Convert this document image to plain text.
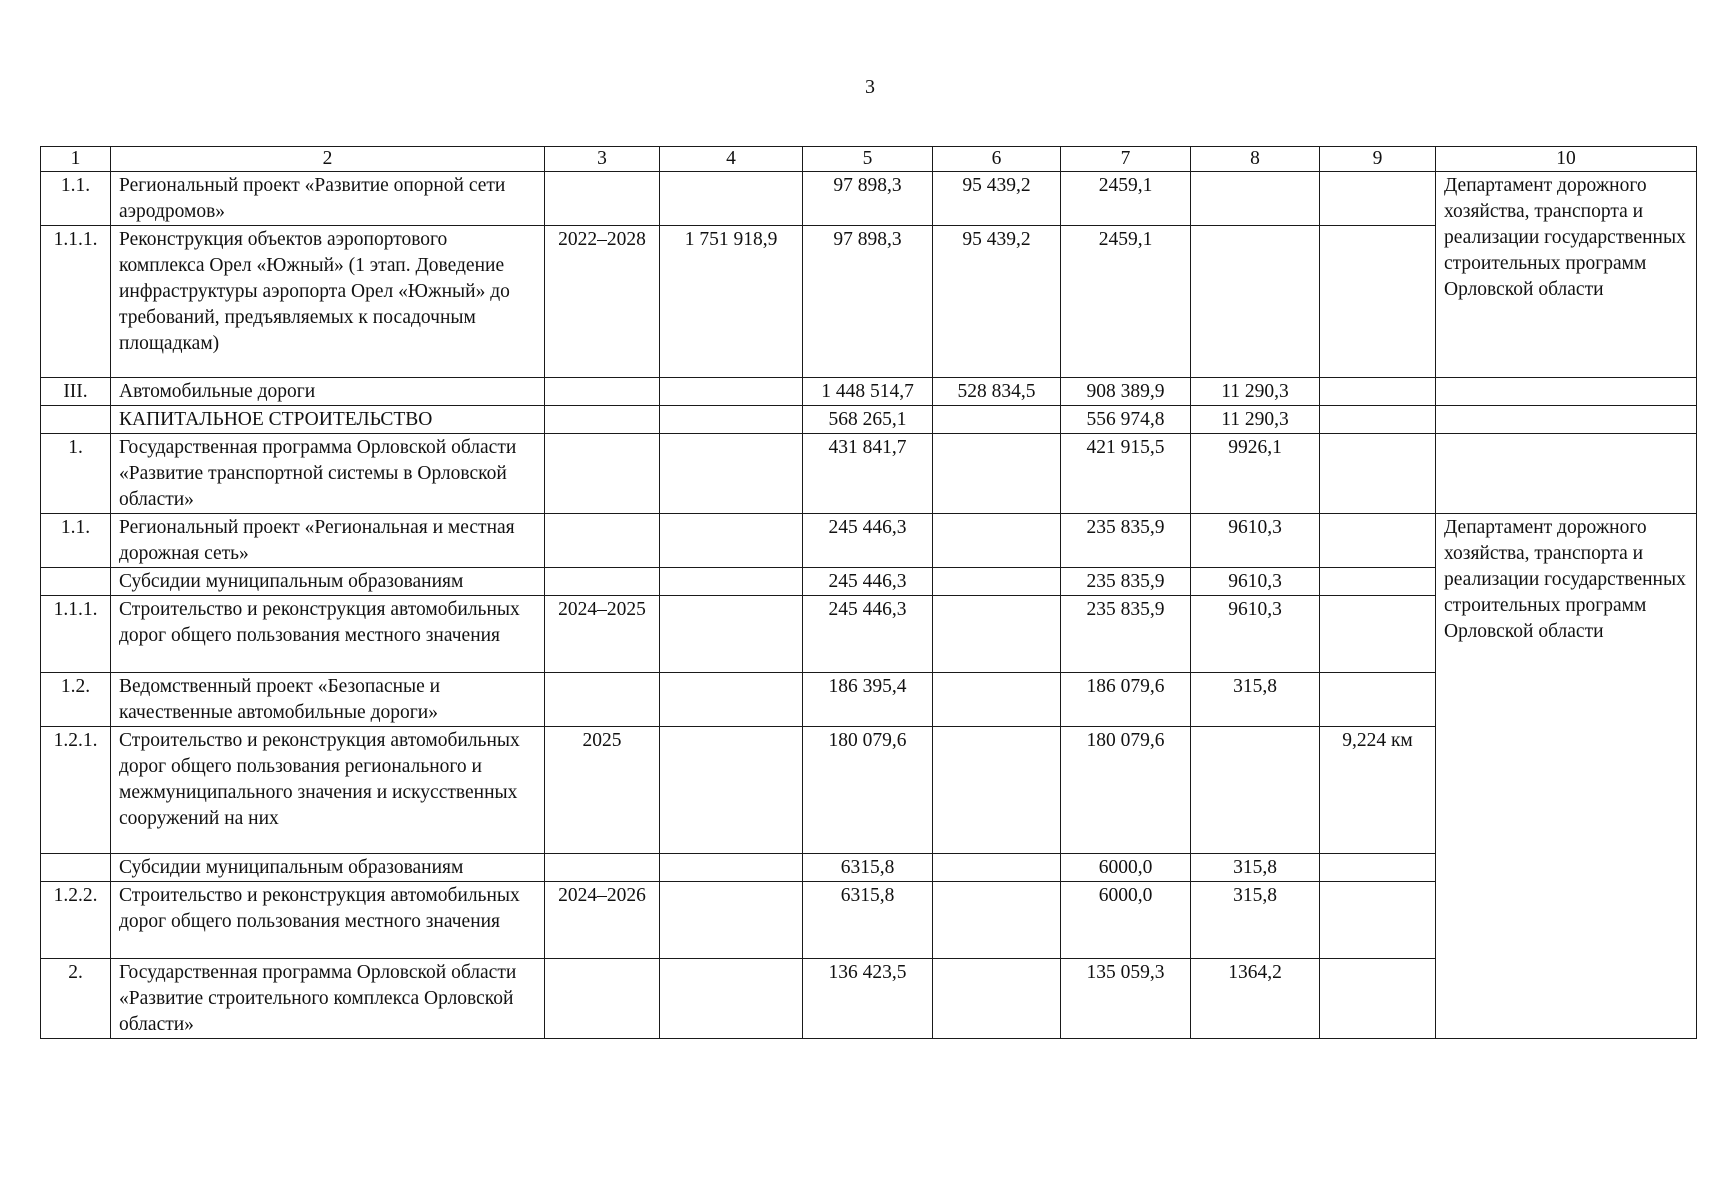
3
1	2	3	4	5	6	7	8	9	10	
1.1.	Региональный проект «Развитие опорной сети аэродромов»			97 898,3	95 439,2	2459,1			Департамент дорожного хозяйства, транспорта и реализации государственных строительных программ Орловской области	
1.1.1.	Реконструкция объектов аэропортового комплекса Орел «Южный» (1 этап. Доведение инфраструктуры аэропорта Орел «Южный» до требований, предъявляемых к посадочным площадкам)	2022–2028	1 751 918,9	97 898,3	95 439,2	2459,1				
III.	Автомобильные дороги			1 448 514,7	528 834,5	908 389,9	11 290,3			
	КАПИТАЛЬНОЕ СТРОИТЕЛЬСТВО			568 265,1		556 974,8	11 290,3			
1.	Государственная программа Орловской области «Развитие транспортной системы в Орловской области»			431 841,7		421 915,5	9926,1			
1.1.	Региональный проект «Региональная и местная дорожная сеть»			245 446,3		235 835,9	9610,3		Департамент дорожного хозяйства, транспорта и реализации государственных строительных программ Орловской области	
	Субсидии муниципальным образованиям			245 446,3		235 835,9	9610,3			
1.1.1.	Строительство и реконструкция автомобильных дорог общего пользования местного значения	2024–2025		245 446,3		235 835,9	9610,3			
1.2.	Ведомственный проект «Безопасные и качественные автомобильные дороги»			186 395,4		186 079,6	315,8			
1.2.1.	Строительство и реконструкция автомобильных дорог общего пользования регионального и межмуниципального значения и искусственных сооружений на них	2025		180 079,6		180 079,6		9,224 км		
	Субсидии муниципальным образованиям			6315,8		6000,0	315,8			
1.2.2.	Строительство и реконструкция автомобильных дорог общего пользования местного значения	2024–2026		6315,8		6000,0	315,8			
2.	Государственная программа Орловской области «Развитие строительного комплекса Орловской области»			136 423,5		135 059,3	1364,2			
